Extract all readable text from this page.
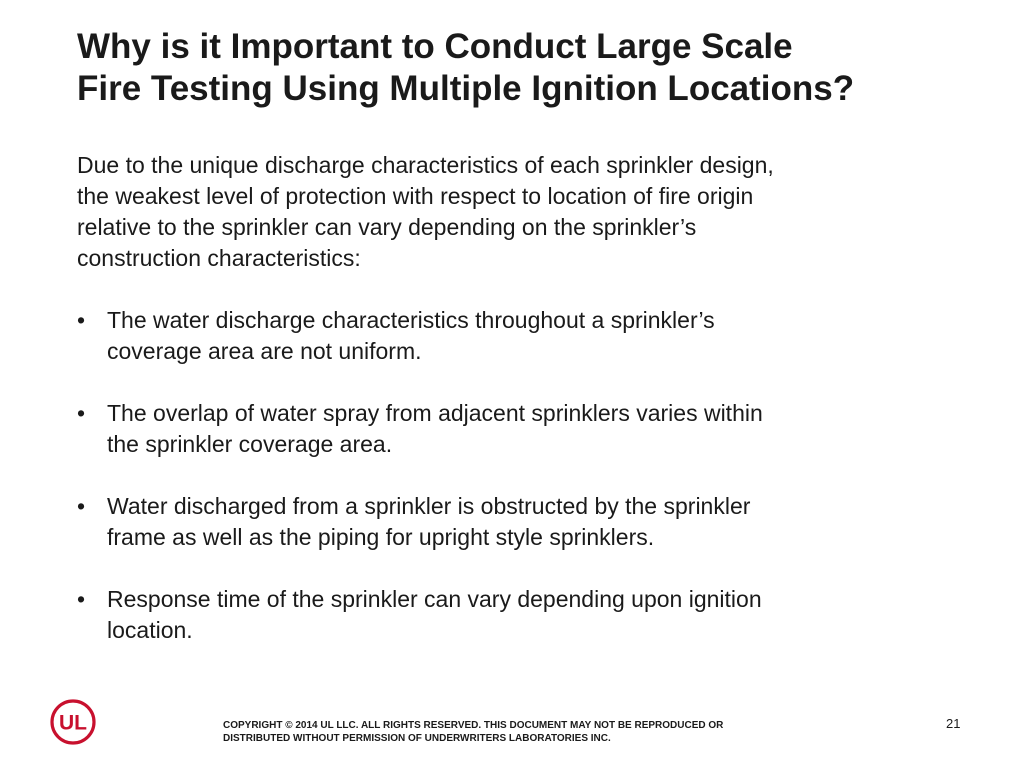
Why is it Important to Conduct Large Scale
Fire Testing Using Multiple Ignition Locations?

Due to the unique discharge characteristics of each sprinkler design, the weakest level of protection with respect to location of fire origin relative to the sprinkler can vary depending on the sprinkler’s construction characteristics:

• The water discharge characteristics throughout a sprinkler’s coverage area are not uniform.
• The overlap of water spray from adjacent sprinklers varies within the sprinkler coverage area.
• Water discharged from a sprinkler is obstructed by the sprinkler frame as well as the piping for upright style sprinklers.
• Response time of the sprinkler can vary depending upon ignition location.
UL	COPYRIGHT © 2014 UL LLC. ALL RIGHTS RESERVED. THIS DOCUMENT MAY NOT BE REPRODUCED OR
DISTRIBUTED WITHOUT PERMISSION OF UNDERWRITERS LABORATORIES INC.
21
